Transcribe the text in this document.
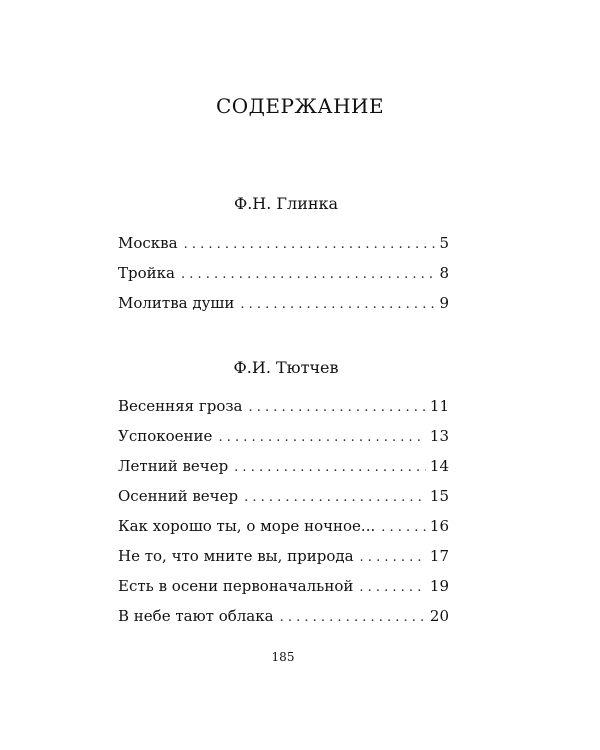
СОДЕРЖАНИЕ
Ф.Н. Глинка
Москва . . .	5
Тройка . . .	8
Молитва души . . .	9
Ф.И. Тютчев
Весенняя гроза . . .	11
Успокоение . . .	13
Летний вечер . . .	14
Осенний вечер . . .	15
Как хорошо ты, о море ночное... . . .	16
Не то, что мните вы, природа . . .	17
Есть в осени первоначальной . . .	19
В небе тают облака . . .	20
185
